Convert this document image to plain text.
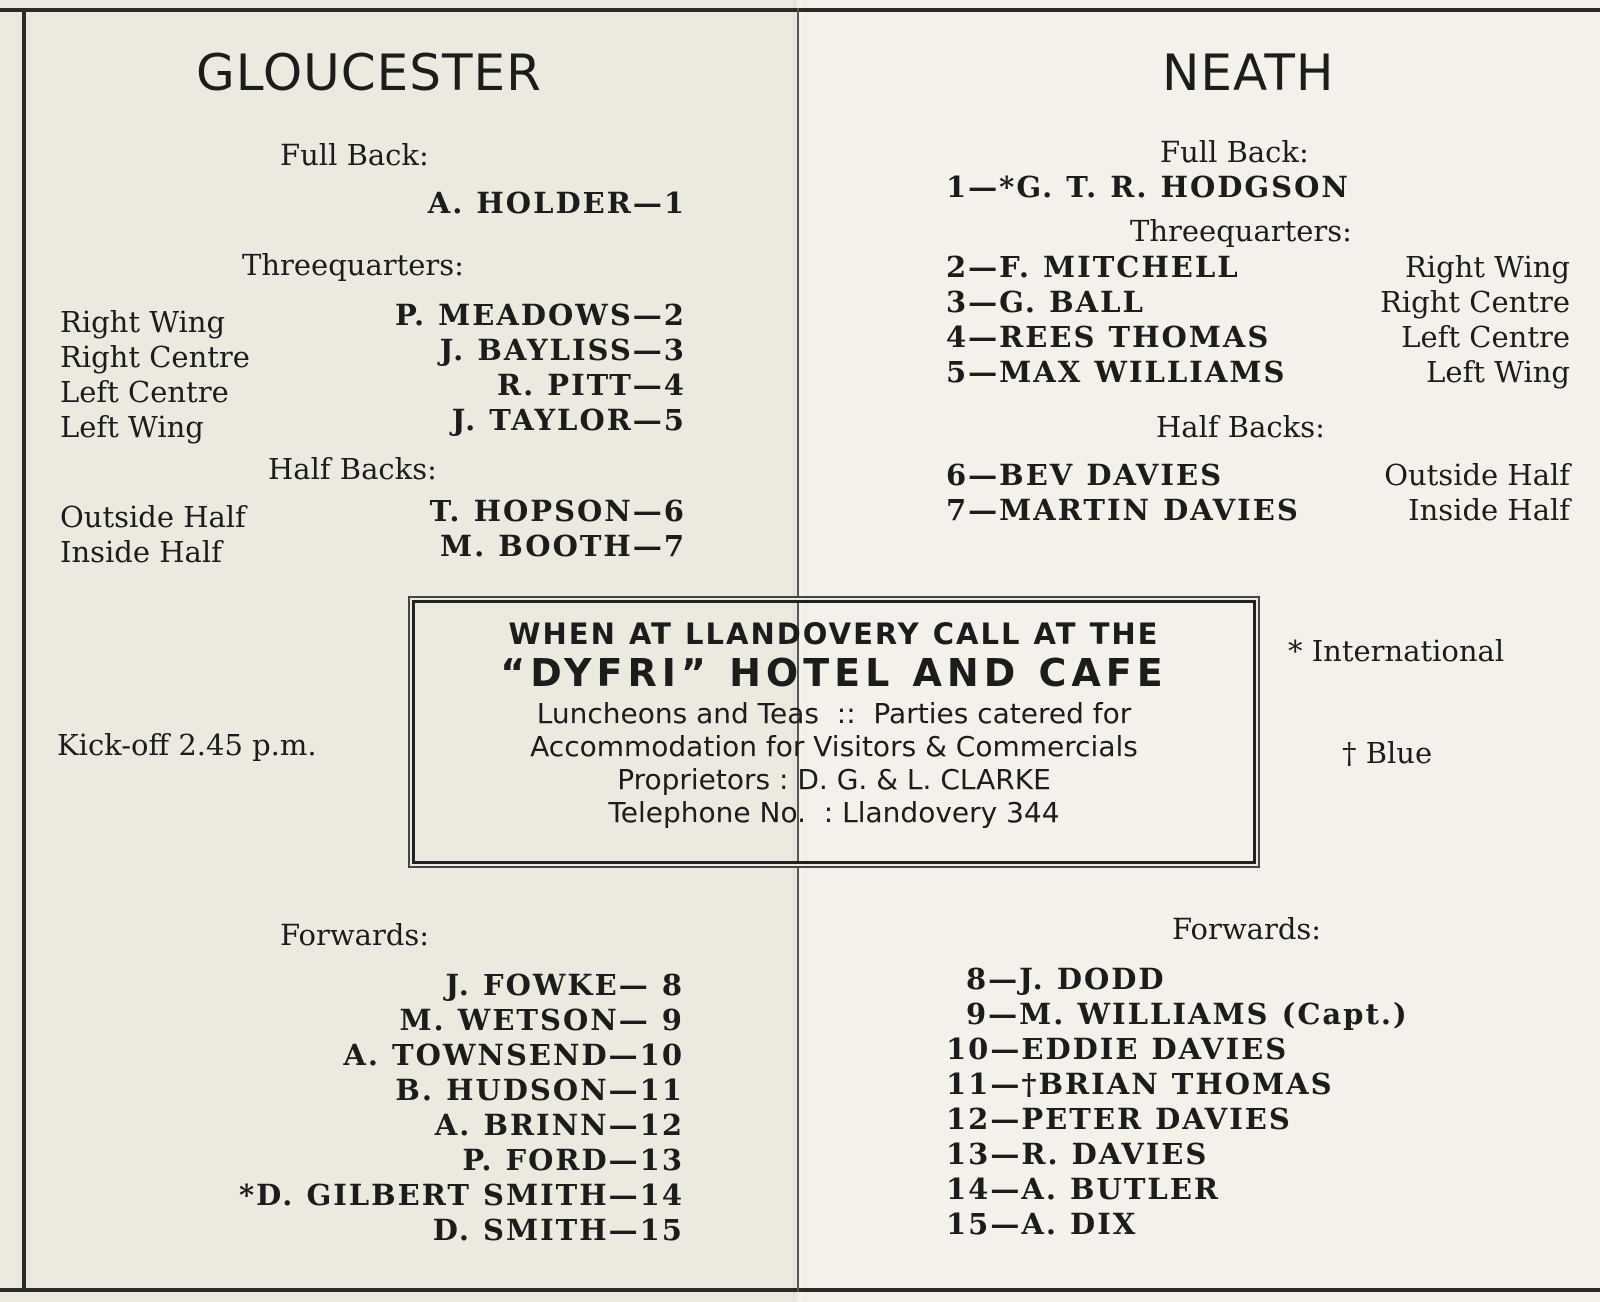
GLOUCESTER
Full Back:
A. HOLDER—1
Threequarters:
Right Wing	P. MEADOWS—2
Right Centre	J. BAYLISS—3
Left Centre	R. PITT—4
Left Wing	J. TAYLOR—5
Half Backs:
Outside Half	T. HOPSON—6
Inside Half	M. BOOTH—7
Kick-off 2.45 p.m.
Forwards:
J. FOWKE— 8
M. WETSON— 9
A. TOWNSEND—10
B. HUDSON—11
A. BRINN—12
P. FORD—13
*D. GILBERT SMITH—14
D. SMITH—15
NEATH
Full Back:
1—*G. T. R. HODGSON
Threequarters:
2—F. MITCHELL	Right Wing
3—G. BALL	Right Centre
4—REES THOMAS	Left Centre
5—MAX WILLIAMS	Left Wing
Half Backs:
6—BEV DAVIES	Outside Half
7—MARTIN DAVIES	Inside Half
* International
† Blue
Forwards:
8—J. DODD
9—M. WILLIAMS (Capt.)
10—EDDIE DAVIES
11—†BRIAN THOMAS
12—PETER DAVIES
13—R. DAVIES
14—A. BUTLER
15—A. DIX
WHEN AT LLANDOVERY CALL AT THE
“DYFRI” HOTEL AND CAFE
Luncheons and Teas  ::  Parties catered for
Accommodation for Visitors & Commercials
Proprietors : D. G. & L. CLARKE
Telephone No.  : Llandovery 344
